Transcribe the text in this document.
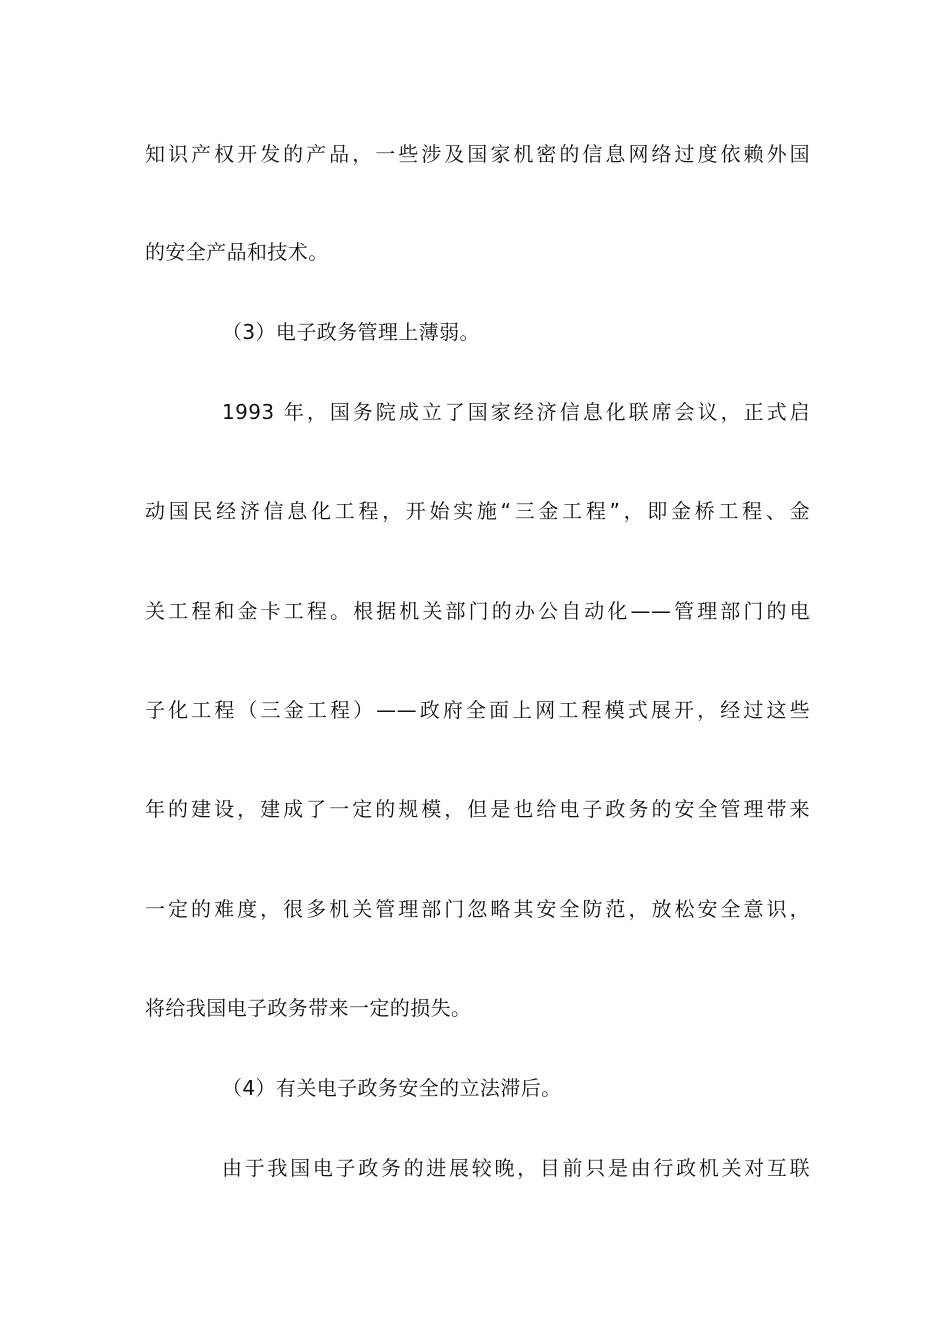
知识产权开发的产品，一些涉及国家机密的信息网络过度依赖外国
的安全产品和技术。
（3）电子政务管理上薄弱。
1993 年，国务院成立了国家经济信息化联席会议，正式启
动国民经济信息化工程，开始实施“三金工程”，即金桥工程、金
关工程和金卡工程。根据机关部门的办公自动化——管理部门的电
子化工程（三金工程）——政府全面上网工程模式展开，经过这些
年的建设，建成了一定的规模，但是也给电子政务的安全管理带来
一定的难度，很多机关管理部门忽略其安全防范，放松安全意识，
将给我国电子政务带来一定的损失。
（4）有关电子政务安全的立法滞后。
由于我国电子政务的进展较晚，目前只是由行政机关对互联
